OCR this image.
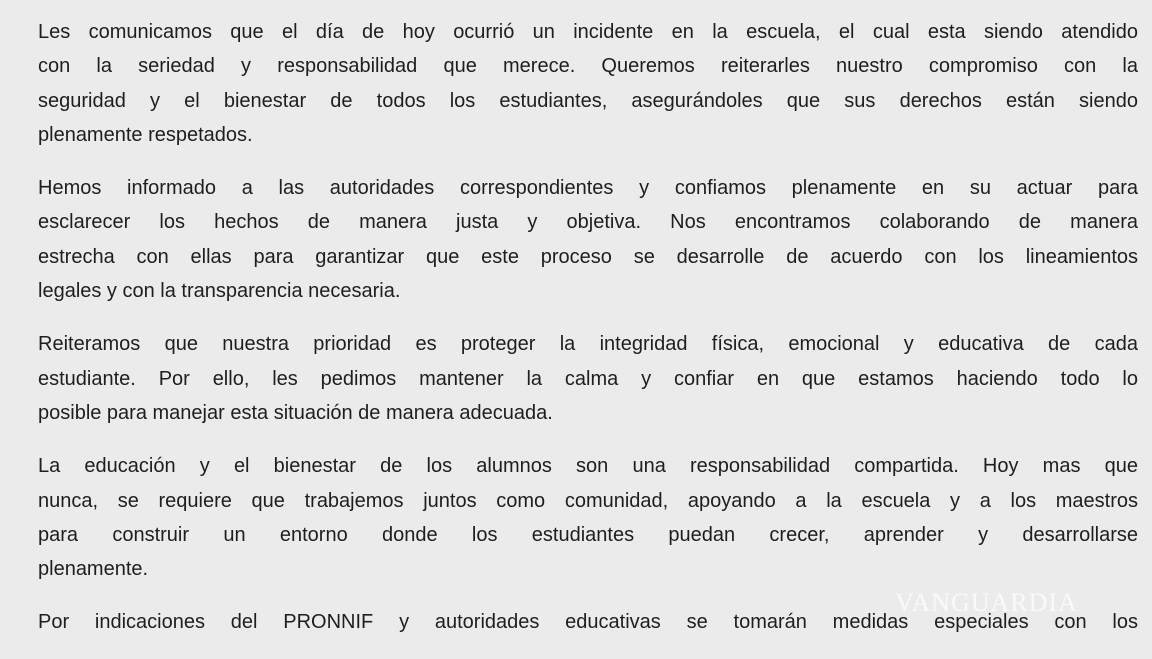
Les comunicamos que el día de hoy ocurrió un incidente en la escuela, el cual esta siendo atendido
con la seriedad y responsabilidad que merece. Queremos reiterarles nuestro compromiso con la
seguridad y el bienestar de todos los estudiantes, asegurándoles que sus derechos están siendo
plenamente respetados.
Hemos informado a las autoridades correspondientes y confiamos plenamente en su actuar para
esclarecer los hechos de manera justa y objetiva. Nos encontramos colaborando de manera
estrecha con ellas para garantizar que este proceso se desarrolle de acuerdo con los lineamientos
legales y con la transparencia necesaria.
Reiteramos que nuestra prioridad es proteger la integridad física, emocional y educativa de cada
estudiante. Por ello, les pedimos mantener la calma y confiar en que estamos haciendo todo lo
posible para manejar esta situación de manera adecuada.
La educación y el bienestar de los alumnos son una responsabilidad compartida. Hoy mas que
nunca, se requiere que trabajemos juntos como comunidad, apoyando a la escuela y a los maestros
para construir un entorno donde los estudiantes puedan crecer, aprender y desarrollarse
plenamente.
Por indicaciones del PRONNIF y autoridades educativas se tomarán medidas especiales con los
VANGUARDIA
